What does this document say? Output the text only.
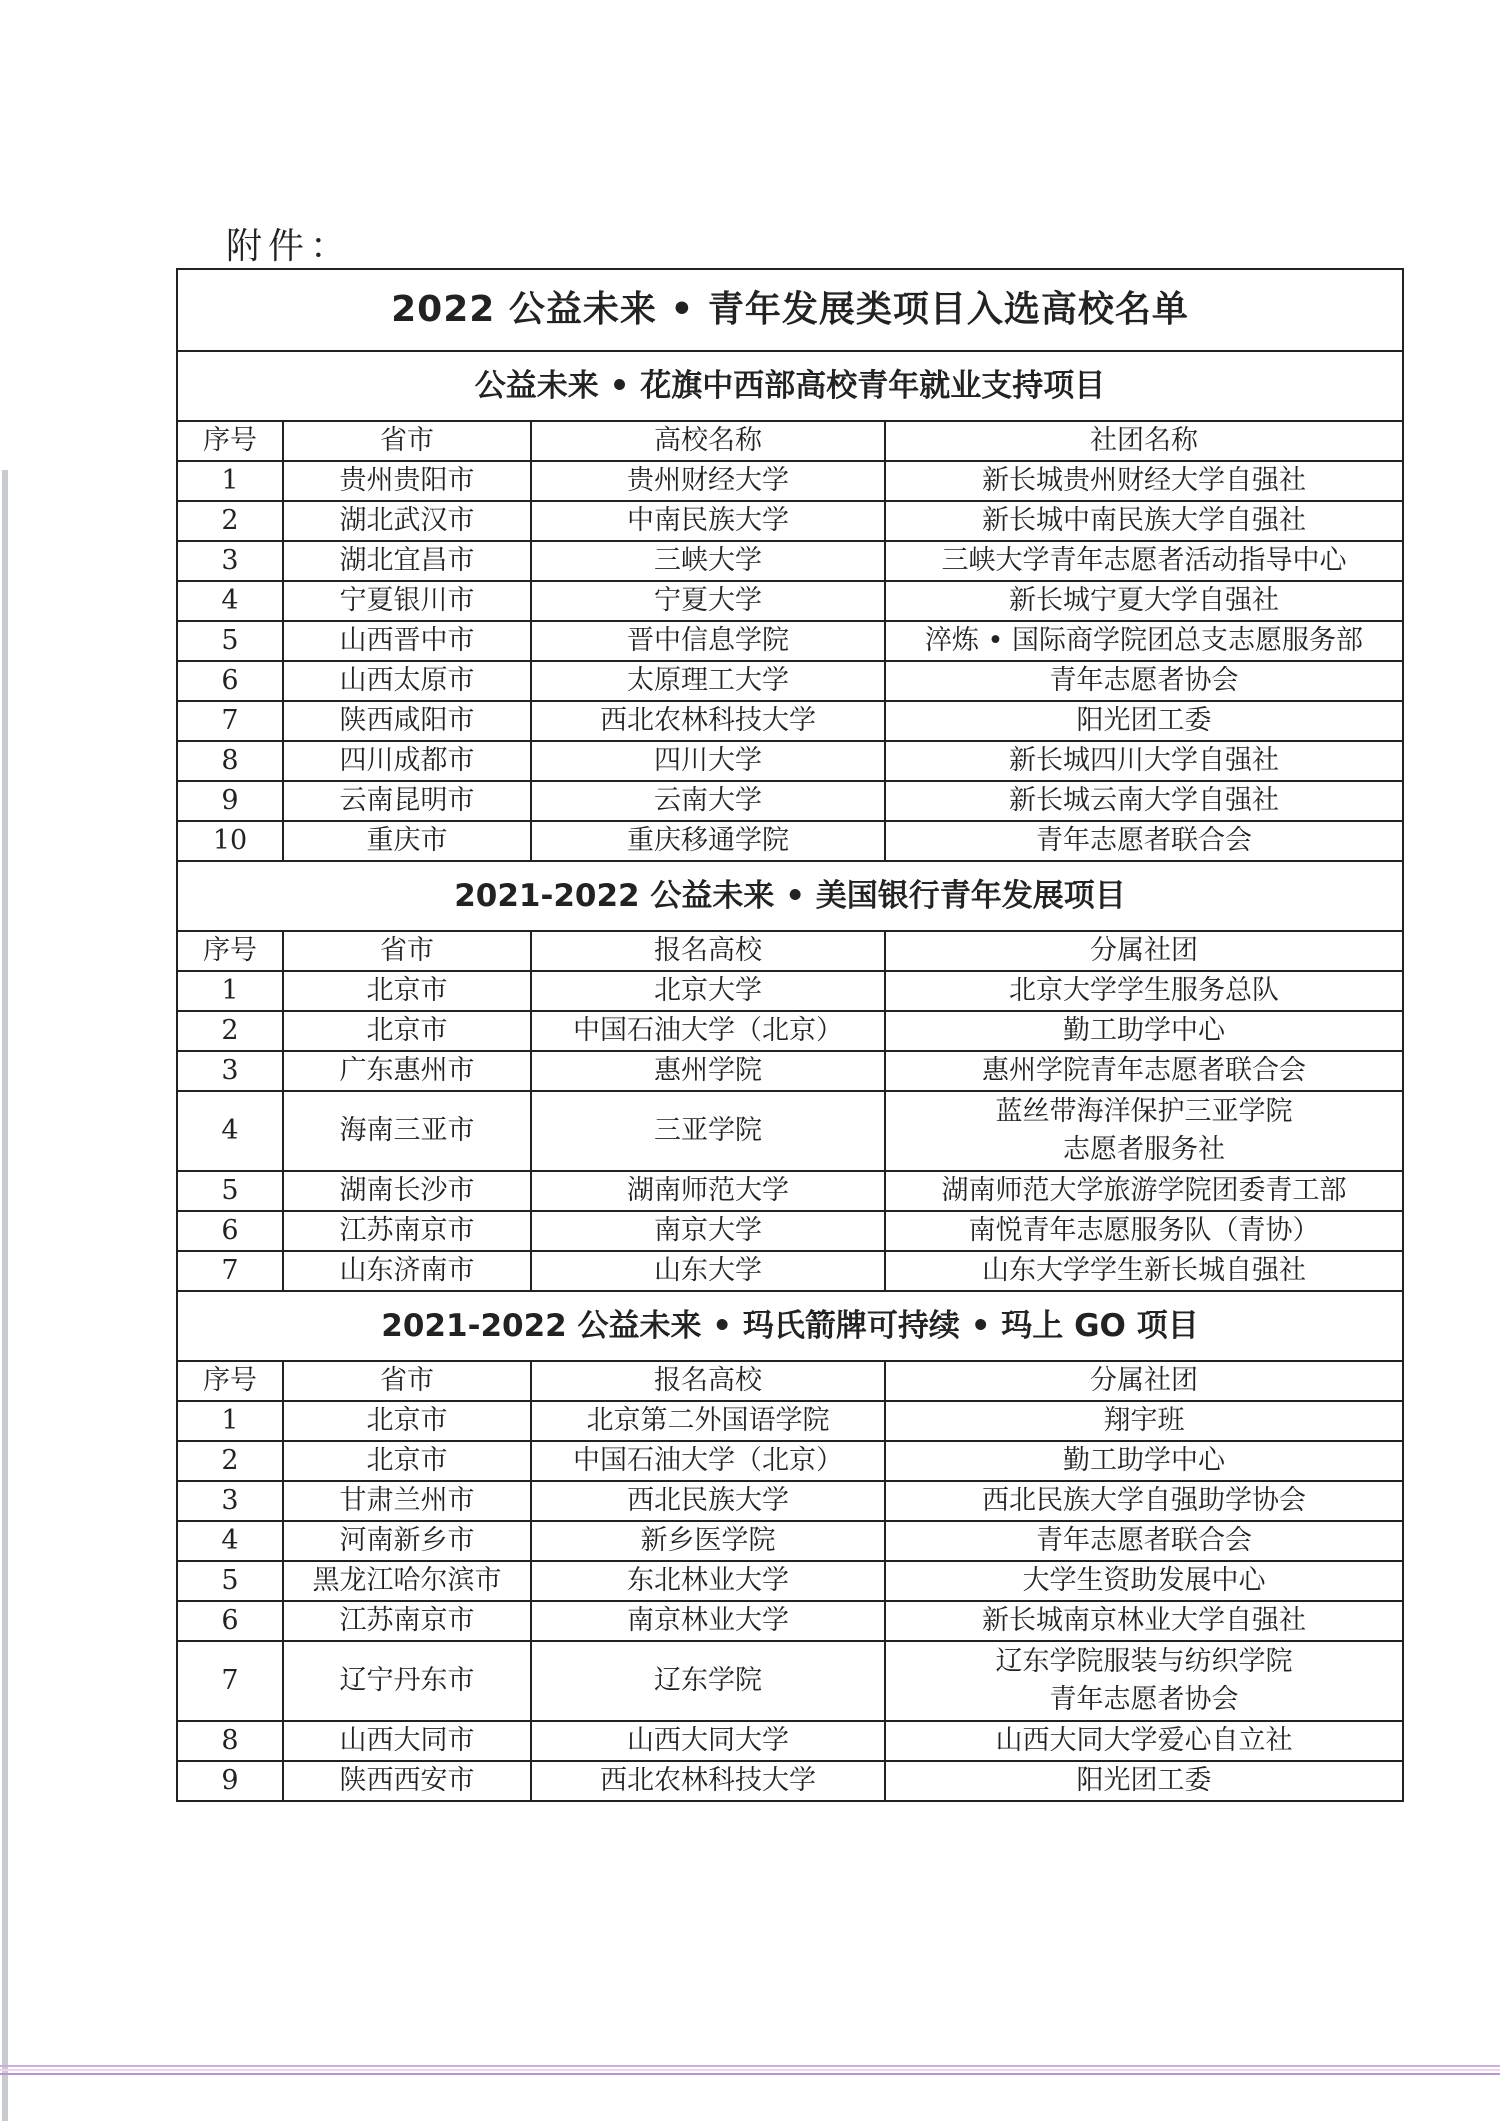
附件：
2022 公益未来 • 青年发展类项目入选高校名单			
公益未来 • 花旗中西部高校青年就业支持项目			
序号	省市	高校名称	社团名称
1	贵州贵阳市	贵州财经大学	新长城贵州财经大学自强社

2	湖北武汉市	中南民族大学	新长城中南民族大学自强社

3	湖北宜昌市	三峡大学	三峡大学青年志愿者活动指导中心

4	宁夏银川市	宁夏大学	新长城宁夏大学自强社

5	山西晋中市	晋中信息学院	淬炼 • 国际商学院团总支志愿服务部

6	山西太原市	太原理工大学	青年志愿者协会

7	陕西咸阳市	西北农林科技大学	阳光团工委

8	四川成都市	四川大学	新长城四川大学自强社

9	云南昆明市	云南大学	新长城云南大学自强社

10	重庆市	重庆移通学院	青年志愿者联合会

2021-2022 公益未来 • 美国银行青年发展项目			
序号	省市	报名高校	分属社团
1	北京市	北京大学	北京大学学生服务总队

2	北京市	中国石油大学（北京）	勤工助学中心

3	广东惠州市	惠州学院	惠州学院青年志愿者联合会

4	海南三亚市	三亚学院	蓝丝带海洋保护三亚学院
志愿者服务社

5	湖南长沙市	湖南师范大学	湖南师范大学旅游学院团委青工部

6	江苏南京市	南京大学	南悦青年志愿服务队（青协）

7	山东济南市	山东大学	山东大学学生新长城自强社

2021-2022 公益未来 • 玛氏箭牌可持续 • 玛上 GO 项目			
序号	省市	报名高校	分属社团
1	北京市	北京第二外国语学院	翔宇班

2	北京市	中国石油大学（北京）	勤工助学中心

3	甘肃兰州市	西北民族大学	西北民族大学自强助学协会

4	河南新乡市	新乡医学院	青年志愿者联合会

5	黑龙江哈尔滨市	东北林业大学	大学生资助发展中心

6	江苏南京市	南京林业大学	新长城南京林业大学自强社

7	辽宁丹东市	辽东学院	辽东学院服装与纺织学院
青年志愿者协会

8	山西大同市	山西大同大学	山西大同大学爱心自立社

9	陕西西安市	西北农林科技大学	阳光团工委
